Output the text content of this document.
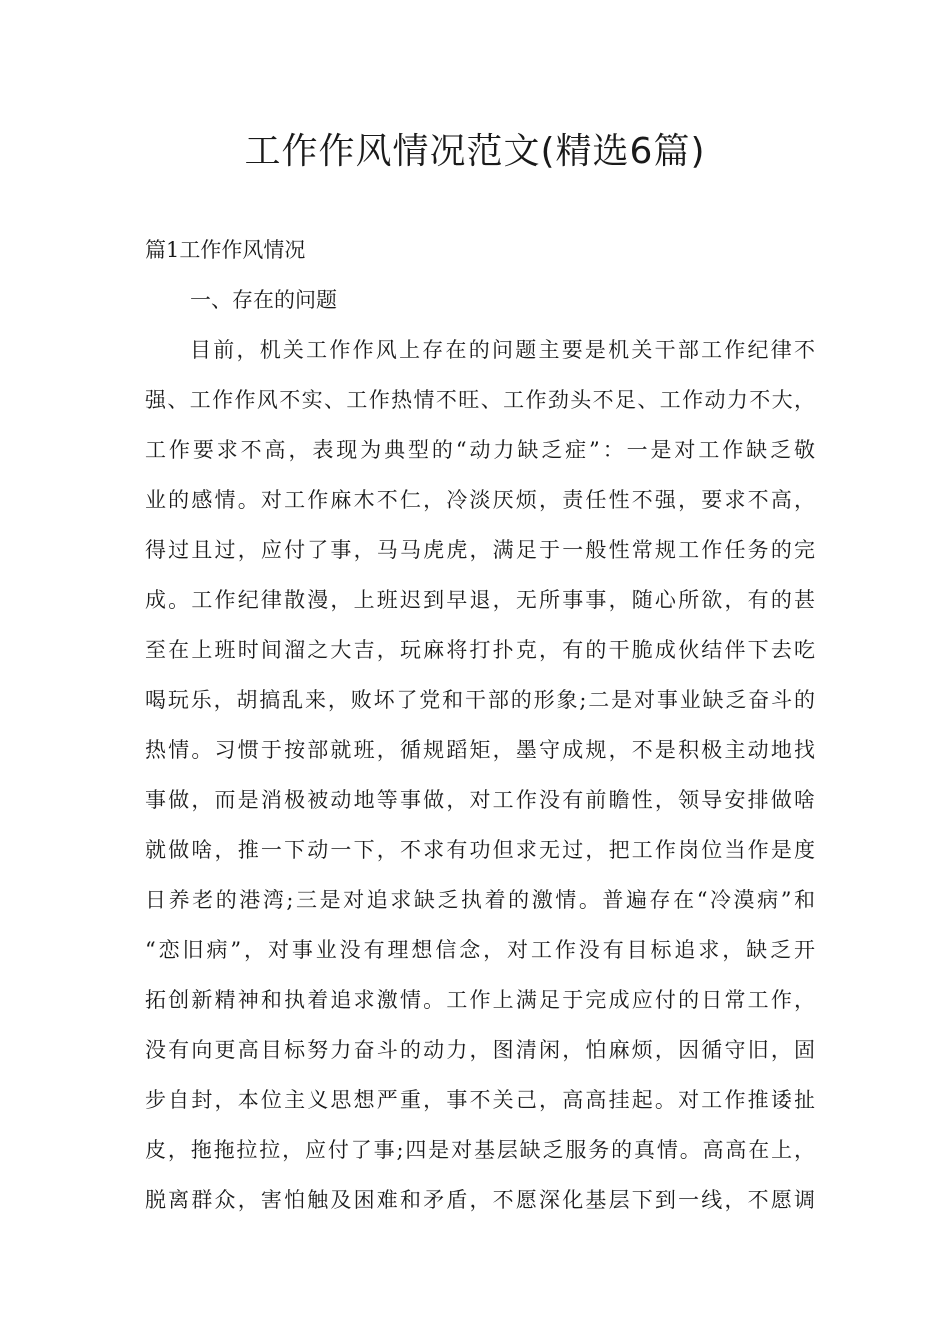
工作作风情况范文(精选6篇)
篇1工作作风情况
一、存在的问题
目前，机关工作作风上存在的问题主要是机关干部工作纪律不
强、工作作风不实、工作热情不旺、工作劲头不足、工作动力不大，
工作要求不高，表现为典型的“动力缺乏症”：一是对工作缺乏敬
业的感情。对工作麻木不仁，冷淡厌烦，责任性不强，要求不高，
得过且过，应付了事，马马虎虎，满足于一般性常规工作任务的完
成。工作纪律散漫，上班迟到早退，无所事事，随心所欲，有的甚
至在上班时间溜之大吉，玩麻将打扑克，有的干脆成伙结伴下去吃
喝玩乐，胡搞乱来，败坏了党和干部的形象;二是对事业缺乏奋斗的
热情。习惯于按部就班，循规蹈矩，墨守成规，不是积极主动地找
事做，而是消极被动地等事做，对工作没有前瞻性，领导安排做啥
就做啥，推一下动一下，不求有功但求无过，把工作岗位当作是度
日养老的港湾;三是对追求缺乏执着的激情。普遍存在“冷漠病”和
“恋旧病”，对事业没有理想信念，对工作没有目标追求，缺乏开
拓创新精神和执着追求激情。工作上满足于完成应付的日常工作，
没有向更高目标努力奋斗的动力，图清闲，怕麻烦，因循守旧，固
步自封，本位主义思想严重，事不关己，高高挂起。对工作推诿扯
皮，拖拖拉拉，应付了事;四是对基层缺乏服务的真情。高高在上，
脱离群众，害怕触及困难和矛盾，不愿深化基层下到一线，不愿调
